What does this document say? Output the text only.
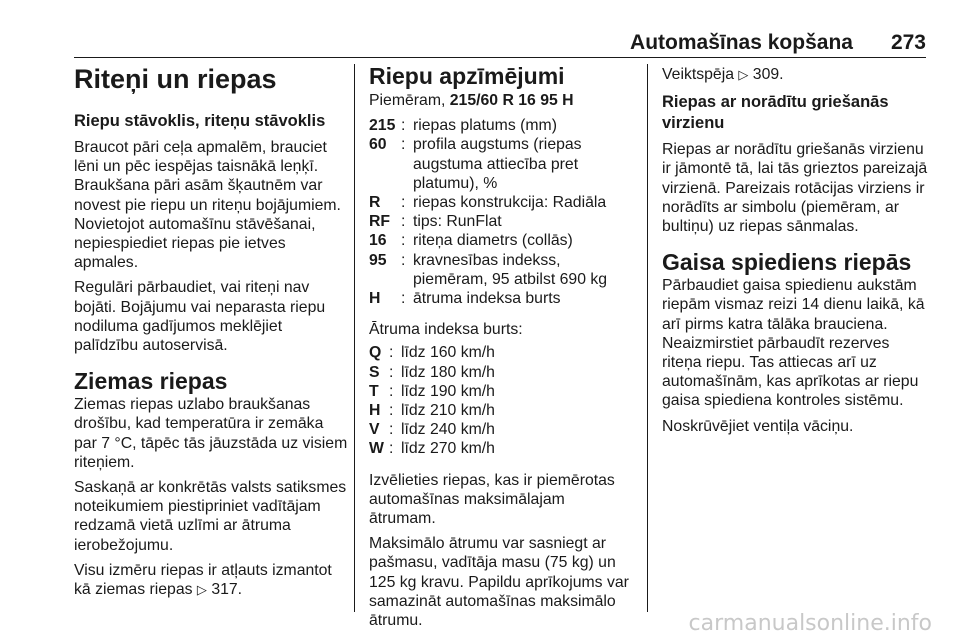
Automašīnas kopšana 273
Riteņi un riepas
Riepu stāvoklis, riteņu stāvoklis

Braucot pāri ceļa apmalēm, brauciet lēni un pēc iespējas taisnākā leņķī. Braukšana pāri asām šķautnēm var novest pie riepu un riteņu bojājumiem. Novietojot automašīnu stāvēšanai, nepiespiediet riepas pie ietves apmales.

Regulāri pārbaudiet, vai riteņi nav bojāti. Bojājumu vai neparasta riepu nodiluma gadījumos meklējiet palīdzību autoservisā.

Ziemas riepas

Ziemas riepas uzlabo braukšanas drošību, kad temperatūra ir zemāka par 7 °C, tāpēc tās jāuzstāda uz visiem riteņiem.

Saskaņā ar konkrētās valsts satiksmes noteikumiem piestipriniet vadītājam redzamā vietā uzlīmi ar ātruma ierobežojumu.

Visu izmēru riepas ir atļauts izmantot kā ziemas riepas ▷ 317.

Riepu apzīmējumi

Piemēram, 215/60 R 16 95 H

215 : riepas platums (mm)
60 : profila augstums (riepas augstuma attiecība pret platumu), %
R	: riepas konstrukcija: Radiāla
RF : tips: RunFlat
16 : riteņa diametrs (collās)
95 : kravnesības indekss, piemēram, 95 atbilst 690 kg
H	: ātruma indeksa burts

Ātruma indeksa burts:

Q : līdz 160 km/h
S : līdz 180 km/h
T : līdz 190 km/h
H : līdz 210 km/h
V : līdz 240 km/h
W : līdz 270 km/h

Izvēlieties riepas, kas ir piemērotas automašīnas maksimālajam ātrumam.

Maksimālo ātrumu var sasniegt ar pašmasu, vadītāja masu (75 kg) un 125 kg kravu. Papildu aprīkojums var samazināt automašīnas maksimālo ātrumu.

Veiktspēja ▷ 309.

Riepas ar norādītu griešanās virzienu

Riepas ar norādītu griešanās virzienu ir jāmontē tā, lai tās grieztos pareizajā virzienā. Pareizais rotācijas virziens ir norādīts ar simbolu (piemēram, ar bultiņu) uz riepas sānmalas.

Gaisa spiediens riepās

Pārbaudiet gaisa spiedienu aukstām riepām vismaz reizi 14 dienu laikā, kā arī pirms katra tālāka brauciena. Neaizmirstiet pārbaudīt rezerves riteņa riepu. Tas attiecas arī uz automašīnām, kas aprīkotas ar riepu gaisa spiediena kontroles sistēmu.

Noskrūvējiet ventiļa vāciņu.

carmanualsonline.info
